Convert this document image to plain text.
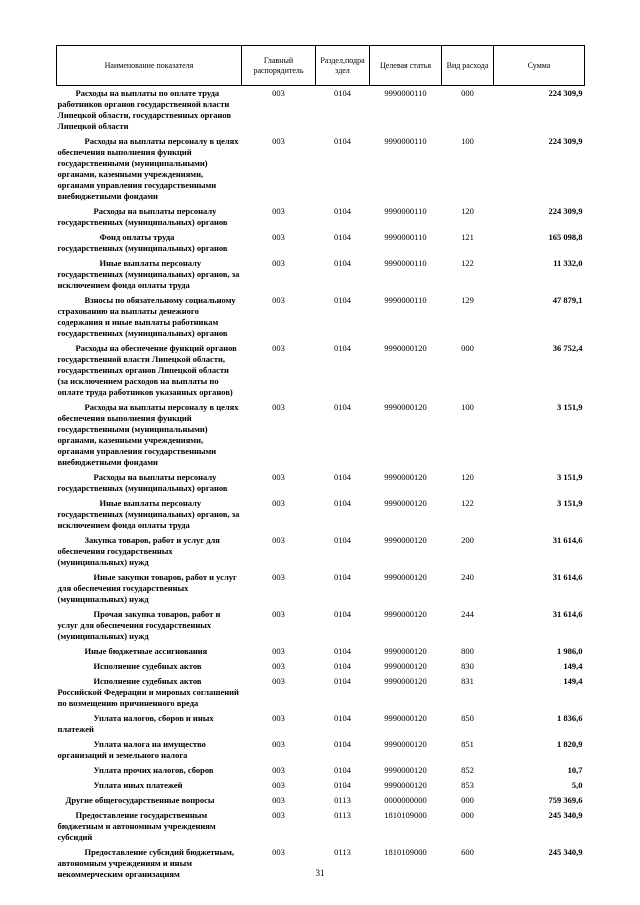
Наименование показателя	Главный распорядитель	Раздел,подраздел	Целевая статья	Вид расхода	Сумма
Расходы на выплаты по оплате труда работников органов государственной власти Липецкой области, государственных органов Липецкой области	003	0104	9990000110	000	224 309,9
Расходы на выплаты персоналу в целях обеспечения выполнения функций государственными (муниципальными) органами, казенными учреждениями, органами управления государственными внебюджетными фондами	003	0104	9990000110	100	224 309,9
Расходы на выплаты персоналу государственных (муниципальных) органов	003	0104	9990000110	120	224 309,9
Фонд оплаты труда государственных (муниципальных) органов	003	0104	9990000110	121	165 098,8
Иные выплаты персоналу государственных (муниципальных) органов, за исключением фонда оплаты труда	003	0104	9990000110	122	11 332,0
Взносы по обязательному социальному страхованию на выплаты денежного содержания и иные выплаты работникам государственных (муниципальных) органов	003	0104	9990000110	129	47 879,1
Расходы на обеспечение функций органов государственной власти Липецкой области, государственных органов Липецкой области (за исключением расходов на выплаты по оплате труда работников указанных органов)	003	0104	9990000120	000	36 752,4
Расходы на выплаты персоналу в целях обеспечения выполнения функций государственными (муниципальными) органами, казенными учреждениями, органами управления государственными внебюджетными фондами	003	0104	9990000120	100	3 151,9
Расходы на выплаты персоналу государственных (муниципальных) органов	003	0104	9990000120	120	3 151,9
Иные выплаты персоналу государственных (муниципальных) органов, за исключением фонда оплаты труда	003	0104	9990000120	122	3 151,9
Закупка товаров, работ и услуг для обеспечения государственных (муниципальных) нужд	003	0104	9990000120	200	31 614,6
Иные закупки товаров, работ и услуг для обеспечения государственных (муниципальных) нужд	003	0104	9990000120	240	31 614,6
Прочая закупка товаров, работ и услуг для обеспечения государственных (муниципальных) нужд	003	0104	9990000120	244	31 614,6
Иные бюджетные ассигнования	003	0104	9990000120	800	1 986,0
Исполнение судебных актов	003	0104	9990000120	830	149,4
Исполнение судебных актов Российской Федерации и мировых соглашений по возмещению причиненного вреда	003	0104	9990000120	831	149,4
Уплата налогов, сборов и иных платежей	003	0104	9990000120	850	1 836,6
Уплата налога на имущество организаций и земельного налога	003	0104	9990000120	851	1 820,9
Уплата прочих налогов, сборов	003	0104	9990000120	852	10,7
Уплата иных платежей	003	0104	9990000120	853	5,0
Другие общегосударственные вопросы	003	0113	0000000000	000	759 369,6
Предоставление государственным бюджетным и автономным учреждениям субсидий	003	0113	1810109000	000	245 340,9
Предоставление субсидий бюджетным, автономным учреждениям и иным некоммерческим организациям	003	0113	1810109000	600	245 340,9
31
